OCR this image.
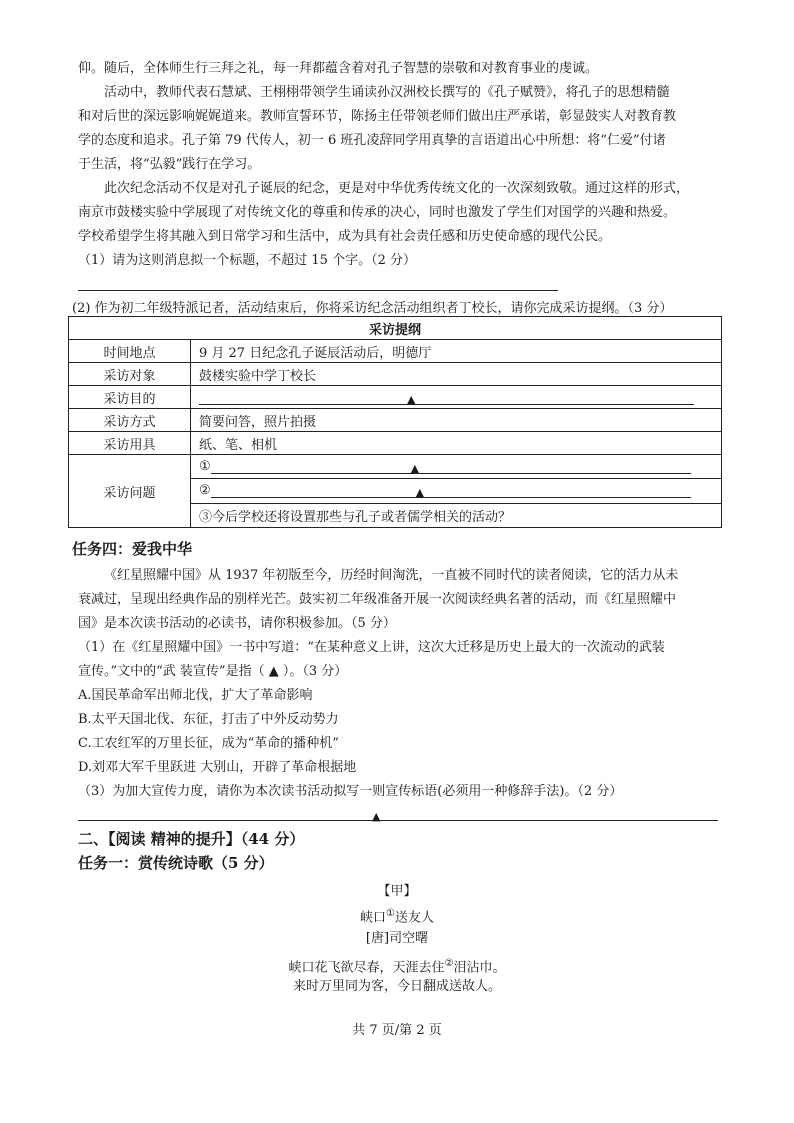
仰。随后，全体师生行三拜之礼，每一拜都蕴含着对孔子智慧的崇敬和对教育事业的虔诚。
活动中，教师代表石慧斌、王栩栩带领学生诵读孙汉洲校长撰写的《孔子赋赞》，将孔子的思想精髓
和对后世的深远影响娓娓道来。教师宣誓环节，陈扬主任带领老师们做出庄严承诺，彰显鼓实人对教育教
学的态度和追求。孔子第 79 代传人，初一 6 班孔凌辞同学用真挚的言语道出心中所想：将“仁爱”付诸
于生活，将“弘毅”践行在学习。
此次纪念活动不仅是对孔子诞辰的纪念，更是对中华优秀传统文化的一次深刻致敬。通过这样的形式，
南京市鼓楼实验中学展现了对传统文化的尊重和传承的决心，同时也激发了学生们对国学的兴趣和热爱。
学校希望学生将其融入到日常学习和生活中，成为具有社会责任感和历史使命感的现代公民。
（1）请为这则消息拟一个标题，不超过 15 个字。（2 分）
(2) 作为初二年级特派记者，活动结束后，你将采访纪念活动组织者丁校长，请你完成采访提纲。（3 分）
采访提纲	
时间地点	9 月 27 日纪念孔子诞辰活动后，明德厅
采访对象	鼓楼实验中学丁校长
采访目的	▲

采访方式	简要问答，照片拍摄
采访用具	纸、笔、相机
采访问题	① ▲

	② ▲

	③今后学校还将设置那些与孔子或者儒学相关的活动？
任务四：爱我中华
《红星照耀中国》从 1937 年初版至今，历经时间淘洗，一直被不同时代的读者阅读，它的活力从未
衰减过，呈现出经典作品的别样光芒。鼓实初二年级准备开展一次阅读经典名著的活动，而《红星照耀中
国》是本次读书活动的必读书，请你积极参加。（5 分）
（1）在《红星照耀中国》一书中写道：“在某种意义上讲，这次大迁移是历史上最大的一次流动的武装
宣传。”文中的“武 装宣传”是指（ ▲ ）。（3 分）
A.国民革命军出师北伐，扩大了革命影响
B.太平天国北伐、东征，打击了中外反动势力
C.工农红军的万里长征，成为“革命的播种机”
D.刘邓大军千里跃进 大别山，开辟了革命根据地
（3）为加大宣传力度，请你为本次读书活动拟写一则宣传标语(必须用一种修辞手法)。（2 分）
▲
二、【阅读 精神的提升】（44 分）
任务一：赏传统诗歌（5 分）
【甲】
峡口①送友人
[唐]司空曙
峡口花飞欲尽春，天涯去住②泪沾巾。
来时万里同为客，今日翻成送故人。
共 7 页/第 2 页
